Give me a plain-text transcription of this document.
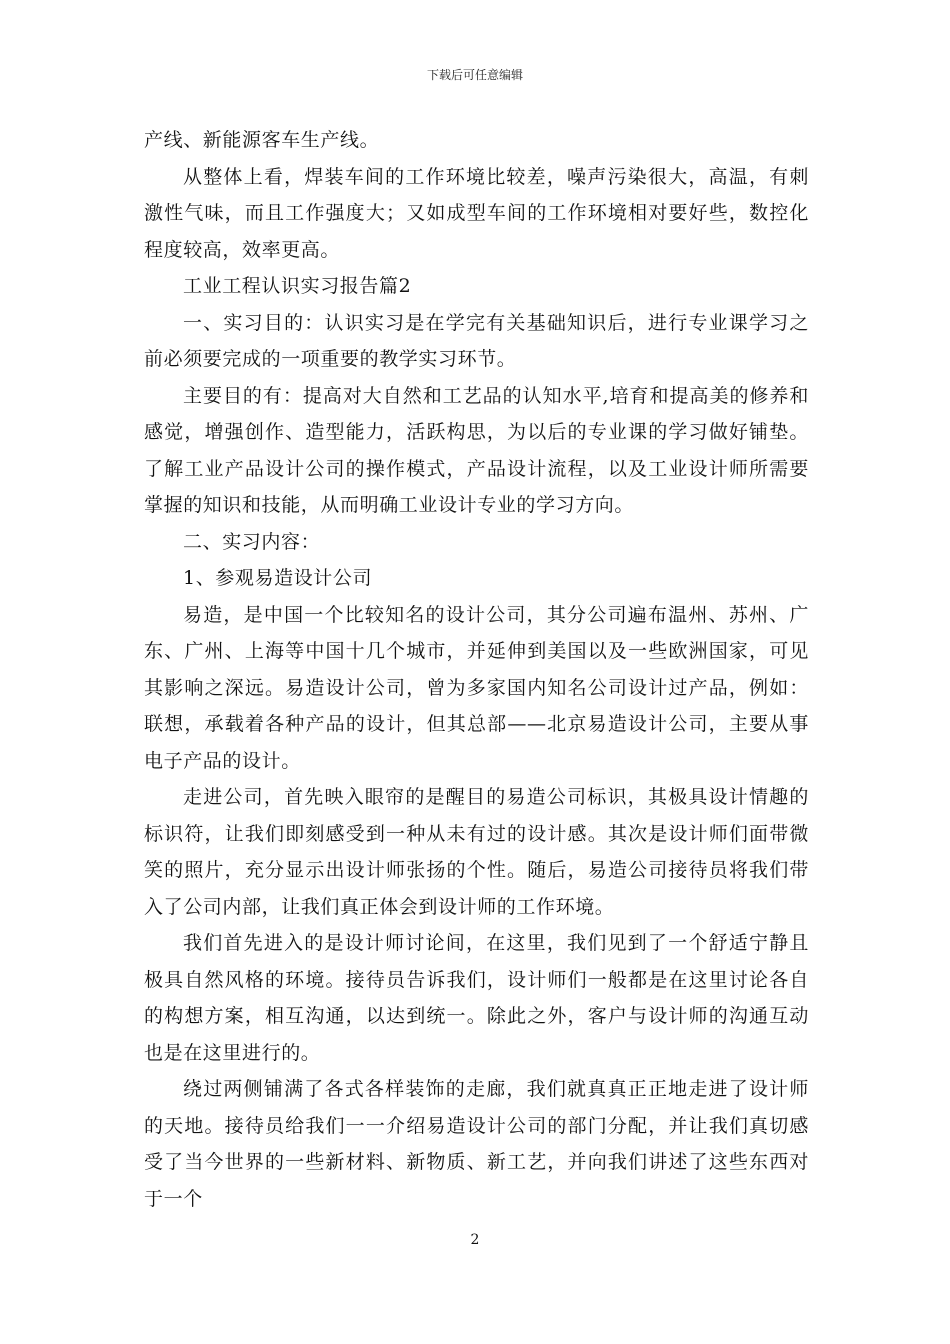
下载后可任意编辑

产线、新能源客车生产线。

从整体上看，焊装车间的工作环境比较差，噪声污染很大，高温，有刺激性气味，而且工作强度大；又如成型车间的工作环境相对要好些，数控化程度较高，效率更高。

工业工程认识实习报告篇2

一、实习目的：认识实习是在学完有关基础知识后，进行专业课学习之前必须要完成的一项重要的教学实习环节。

主要目的有：提高对大自然和工艺品的认知水平,培育和提高美的修养和感觉，增强创作、造型能力，活跃构思，为以后的专业课的学习做好铺垫。了解工业产品设计公司的操作模式，产品设计流程，以及工业设计师所需要掌握的知识和技能，从而明确工业设计专业的学习方向。

二、实习内容：

1、参观易造设计公司

易造，是中国一个比较知名的设计公司，其分公司遍布温州、苏州、广东、广州、上海等中国十几个城市，并延伸到美国以及一些欧洲国家，可见其影响之深远。易造设计公司，曾为多家国内知名公司设计过产品，例如：联想，承载着各种产品的设计，但其总部——北京易造设计公司，主要从事电子产品的设计。

走进公司，首先映入眼帘的是醒目的易造公司标识，其极具设计情趣的标识符，让我们即刻感受到一种从未有过的设计感。其次是设计师们面带微笑的照片，充分显示出设计师张扬的个性。随后，易造公司接待员将我们带入了公司内部，让我们真正体会到设计师的工作环境。

我们首先进入的是设计师讨论间，在这里，我们见到了一个舒适宁静且极具自然风格的环境。接待员告诉我们，设计师们一般都是在这里讨论各自的构想方案，相互沟通，以达到统一。除此之外，客户与设计师的沟通互动也是在这里进行的。

绕过两侧铺满了各式各样装饰的走廊，我们就真真正正地走进了设计师的天地。接待员给我们一一介绍易造设计公司的部门分配，并让我们真切感受了当今世界的一些新材料、新物质、新工艺，并向我们讲述了这些东西对于一个

2
